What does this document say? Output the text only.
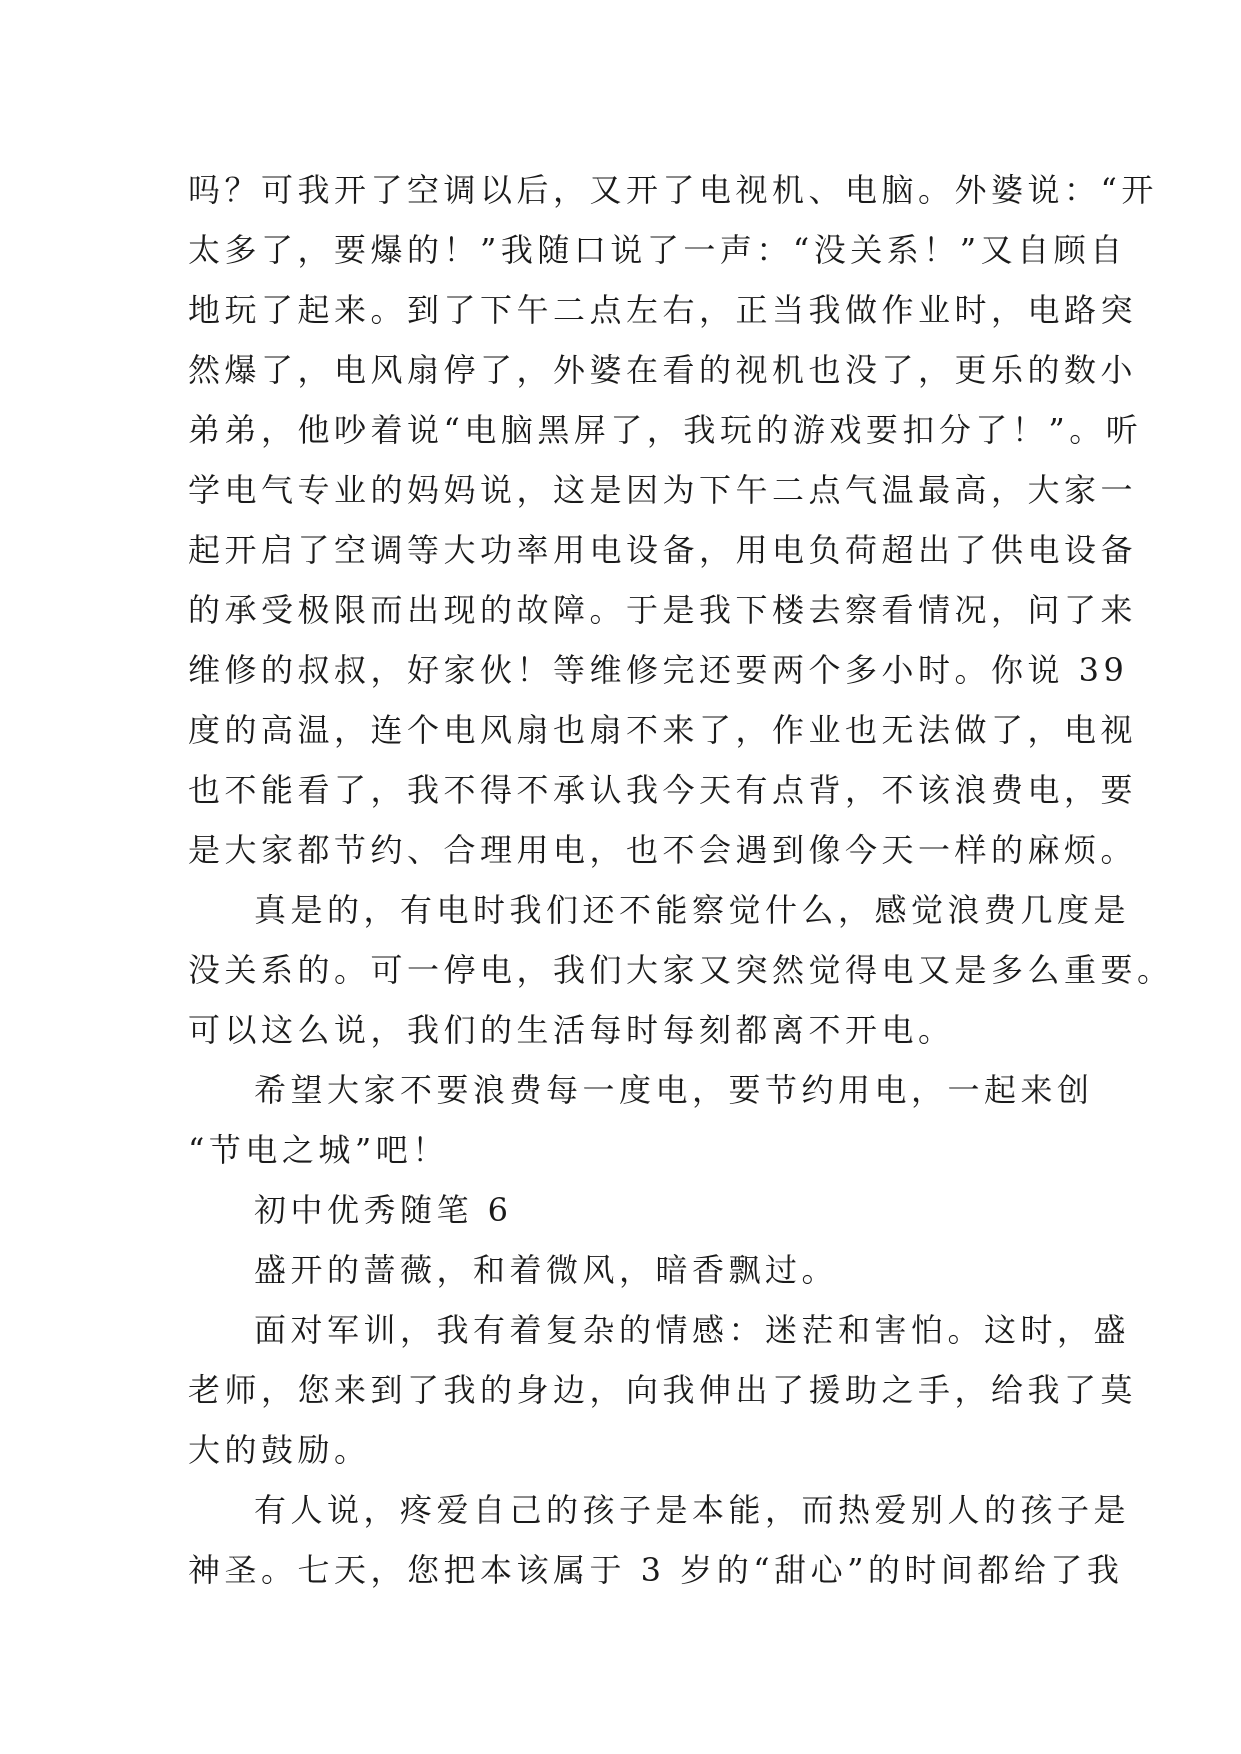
吗？可我开了空调以后，又开了电视机、电脑。外婆说：“开
太多了，要爆的！”我随口说了一声：“没关系！”又自顾自
地玩了起来。到了下午二点左右，正当我做作业时，电路突
然爆了，电风扇停了，外婆在看的视机也没了，更乐的数小
弟弟，他吵着说“电脑黑屏了，我玩的游戏要扣分了！”。听
学电气专业的妈妈说，这是因为下午二点气温最高，大家一
起开启了空调等大功率用电设备，用电负荷超出了供电设备
的承受极限而出现的故障。于是我下楼去察看情况，问了来
维修的叔叔，好家伙！等维修完还要两个多小时。你说 39
度的高温，连个电风扇也扇不来了，作业也无法做了，电视
也不能看了，我不得不承认我今天有点背，不该浪费电，要
是大家都节约、合理用电，也不会遇到像今天一样的麻烦。
真是的，有电时我们还不能察觉什么，感觉浪费几度是
没关系的。可一停电，我们大家又突然觉得电又是多么重要。
可以这么说，我们的生活每时每刻都离不开电。
希望大家不要浪费每一度电，要节约用电，一起来创
“节电之城”吧！
初中优秀随笔 6
盛开的蔷薇，和着微风，暗香飘过。
面对军训，我有着复杂的情感：迷茫和害怕。这时，盛
老师，您来到了我的身边，向我伸出了援助之手，给我了莫
大的鼓励。
有人说，疼爱自己的孩子是本能，而热爱别人的孩子是
神圣。七天，您把本该属于 3 岁的“甜心”的时间都给了我
